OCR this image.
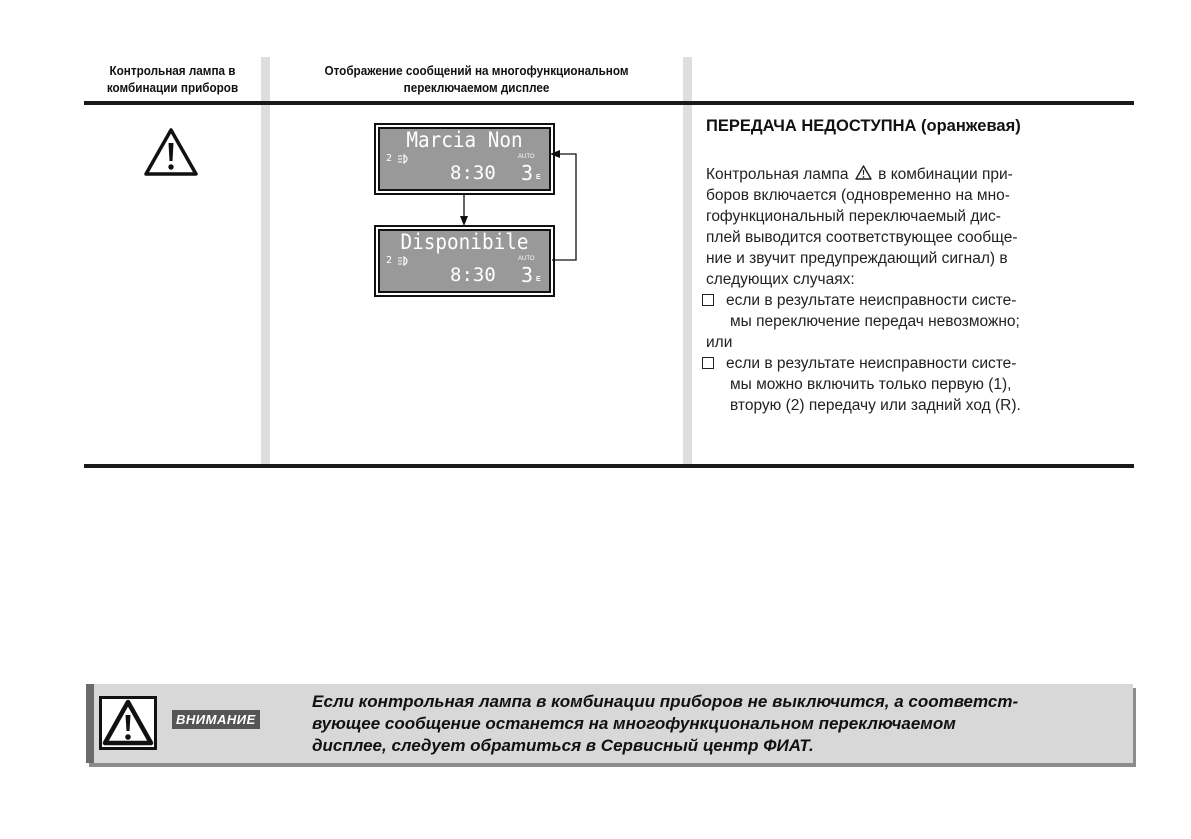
Контрольная лампа в
комбинации приборов
Отображение сообщений на многофункциональном
переключаемом дисплее
Marcia Non
2	AUTO
8:30 3 E
Disponibile
2	AUTO
8:30 3 E
ПЕРЕДАЧА НЕДОСТУПНА (оранжевая)
Контрольная лампа в комбинации при-
боров включается (одновременно на мно-
гофункциональный переключаемый дис-
плей выводится соответствующее сообще-
ние и звучит предупреждающий сигнал) в
следующих случаях:
если в результате неисправности систе-
мы переключение передач невозможно;
или
если в результате неисправности систе-
мы можно включить только первую (1),
вторую (2) передачу или задний ход (R).
ВНИМАНИЕ
Если контрольная лампа в комбинации приборов не выключится, а соответст-
вующее сообщение останется на многофункциональном переключаемом
дисплее, следует обратиться в Сервисный центр ФИАТ.
